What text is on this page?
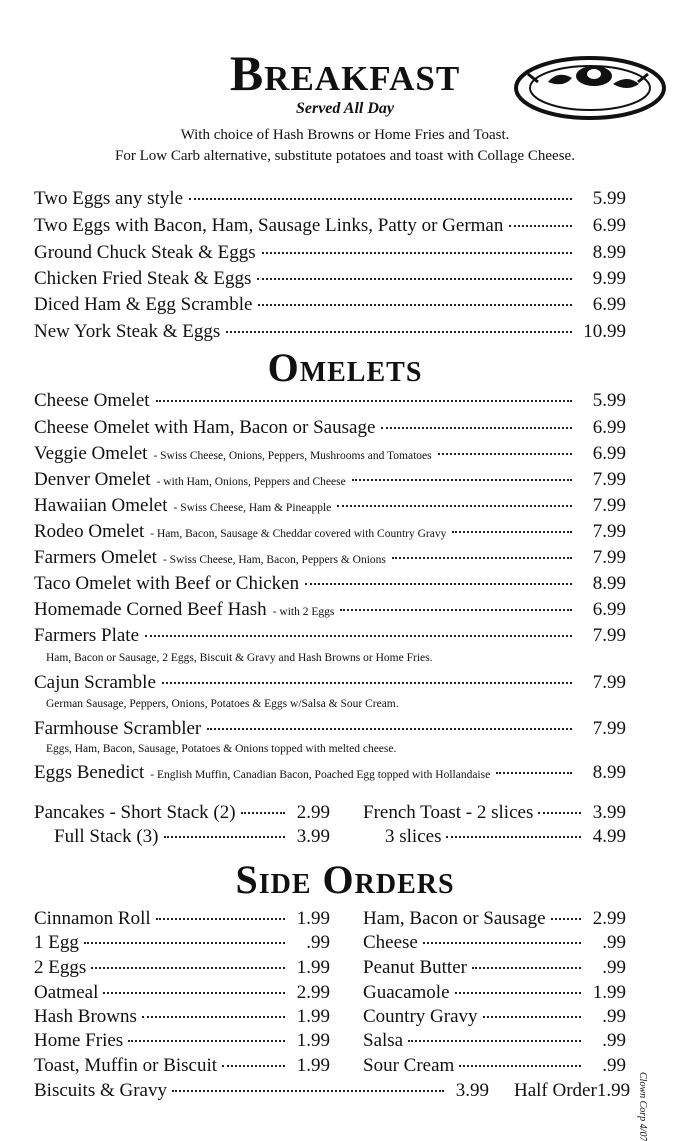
Breakfast
Served All Day
With choice of Hash Browns or Home Fries and Toast.
For Low Carb alternative, substitute potatoes and toast with Collage Cheese.
Two Eggs any style	5.99
Two Eggs with Bacon, Ham, Sausage Links, Patty or German	6.99
Ground Chuck Steak & Eggs	8.99
Chicken Fried Steak & Eggs	9.99
Diced Ham & Egg Scramble	6.99
New York Steak & Eggs	10.99
Omelets
Cheese Omelet	5.99
Cheese Omelet with Ham, Bacon or Sausage	6.99
Veggie Omelet - Swiss Cheese, Onions, Peppers, Mushrooms and Tomatoes	6.99
Denver Omelet - with Ham, Onions, Peppers and Cheese	7.99
Hawaiian Omelet - Swiss Cheese, Ham & Pineapple	7.99
Rodeo Omelet - Ham, Bacon, Sausage & Cheddar covered with Country Gravy	7.99
Farmers Omelet - Swiss Cheese, Ham, Bacon, Peppers & Onions	7.99
Taco Omelet with Beef or Chicken	8.99
Homemade Corned Beef Hash - with 2 Eggs	6.99
Farmers Plate	7.99
Ham, Bacon or Sausage, 2 Eggs, Biscuit & Gravy and Hash Browns or Home Fries.
Cajun Scramble	7.99
German Sausage, Peppers, Onions, Potatoes & Eggs w/Salsa & Sour Cream.
Farmhouse Scrambler	7.99
Eggs, Ham, Bacon, Sausage, Potatoes & Onions topped with melted cheese.
Eggs Benedict - English Muffin, Canadian Bacon, Poached Egg topped with Hollandaise	8.99
Pancakes - Short Stack (2)	2.99
Full Stack (3)	3.99
French Toast - 2 slices	3.99
3 slices	4.99
Side Orders
Cinnamon Roll	1.99
1 Egg	.99
2 Eggs	1.99
Oatmeal	2.99
Hash Browns	1.99
Home Fries	1.99
Toast, Muffin or Biscuit	1.99
Ham, Bacon or Sausage	2.99
Cheese	.99
Peanut Butter	.99
Guacamole	1.99
Country Gravy	.99
Salsa	.99
Sour Cream	.99
Biscuits & Gravy	3.99 Half Order 1.99 Clown Corp 4/07
